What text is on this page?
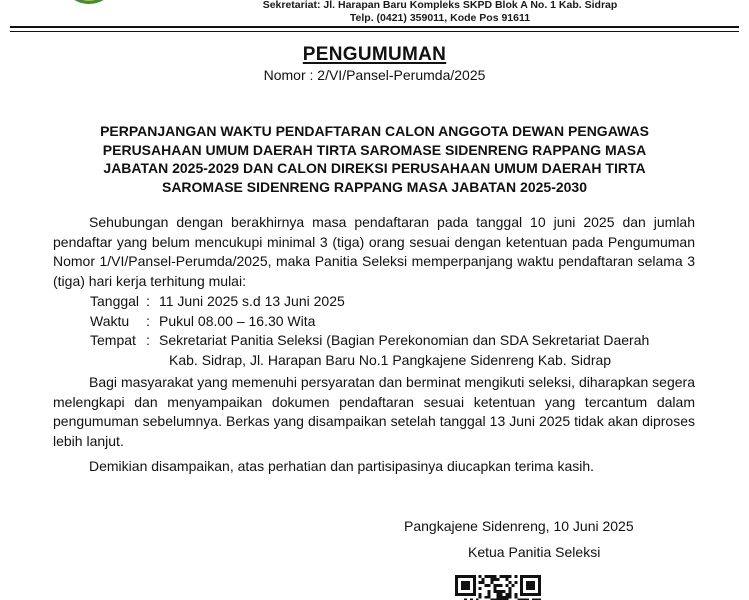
Sekretariat: Jl. Harapan Baru Kompleks SKPD Blok A No. 1 Kab. Sidrap
Telp. (0421) 359011, Kode Pos 91611
PENGUMUMAN
Nomor : 2/VI/Pansel-Perumda/2025
PERPANJANGAN WAKTU PENDAFTARAN CALON ANGGOTA DEWAN PENGAWAS
PERUSAHAAN UMUM DAERAH TIRTA SAROMASE SIDENRENG RAPPANG MASA
JABATAN 2025-2029 DAN CALON DIREKSI PERUSAHAAN UMUM DAERAH TIRTA
SAROMASE SIDENRENG RAPPANG MASA JABATAN 2025-2030
Sehubungan dengan berakhirnya masa pendaftaran pada tanggal 10 juni 2025 dan jumlah pendaftar yang belum mencukupi minimal 3 (tiga) orang sesuai dengan ketentuan pada Pengumuman Nomor 1/VI/Pansel-Perumda/2025, maka Panitia Seleksi memperpanjang waktu pendaftaran selama 3 (tiga) hari kerja terhitung mulai:
Tanggal : 11 Juni 2025 s.d 13 Juni 2025
Waktu	: Pukul 08.00 – 16.30 Wita
Tempat : Sekretariat Panitia Seleksi (Bagian Perekonomian dan SDA Sekretariat Daerah
Kab. Sidrap, Jl. Harapan Baru No.1 Pangkajene Sidenreng Kab. Sidrap
Bagi masyarakat yang memenuhi persyaratan dan berminat mengikuti seleksi, diharapkan segera melengkapi dan menyampaikan dokumen pendaftaran sesuai ketentuan yang tercantum dalam pengumuman sebelumnya. Berkas yang disampaikan setelah tanggal 13 Juni 2025 tidak akan diproses lebih lanjut.
Demikian disampaikan, atas perhatian dan partisipasinya diucapkan terima kasih.
Pangkajene Sidenreng, 10 Juni 2025
Ketua Panitia Seleksi
